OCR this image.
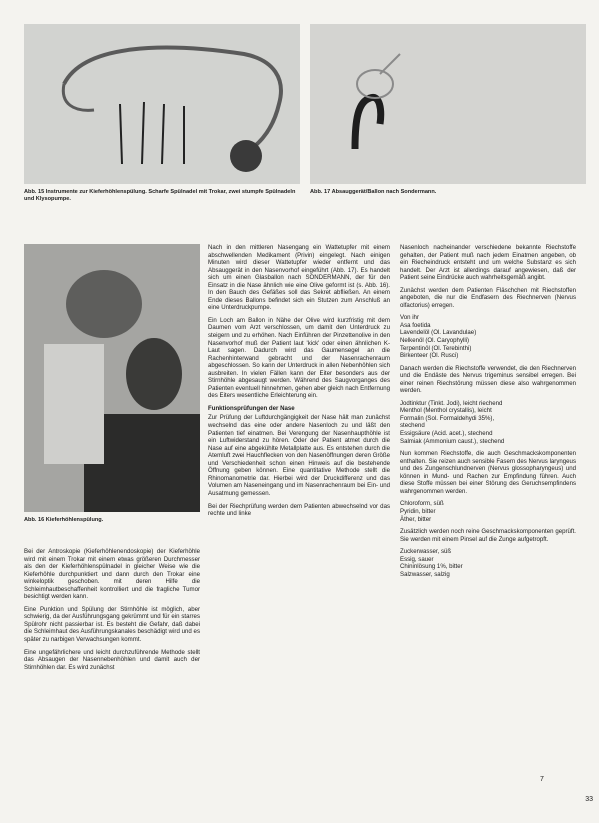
Abb. 15 Instrumente zur Kieferhöhlenspülung. Scharfe Spülnadel mit Trokar, zwei stumpfe Spülnadeln und Klysopumpe.
Abb. 17 Absauggerät/Ballon nach Sondermann.
Abb. 16 Kieferhöhlenspülung.

Bei der Antroskopie (Kieferhöhlenendoskopie) der Kieferhöhle wird mit einem Trokar mit einem etwas größeren Durchmesser als den der Kieferhöhlenspülnadel in gleicher Weise wie die Kieferhöhle durchpunktiert und dann durch den Trokar eine winkeloptik geschoben. mit deren Hilfe die Schleimhautbeschaffenheit kontrolliert und die fragliche Tumor besichtigt werden kann.

Eine Punktion und Spülung der Stirnhöhle ist möglich, aber schwierig, da der Ausführungsgang gekrümmt und für ein starres Spülrohr nicht passierbar ist. Es besteht die Gefahr, daß dabei die Schleimhaut des Ausführungskanales beschädigt wird und es später zu narbigen Verwachsungen kommt.

Eine ungefährlichere und leicht durchzuführende Methode stellt das Absaugen der Nasennebenhöhlen und damit auch der Stirnhöhlen dar. Es wird zunächst

Nach in den mittleren Nasengang ein Wattetupfer mit einem abschwellenden Medikament (Privin) eingelegt. Nach einigen Minuten wird dieser Wattetupfer wieder entfernt und das Absauggerät in den Nasenvorhof eingeführt (Abb. 17). Es handelt sich um einen Glasballon nach SONDERMANN, der für den Einsatz in die Nase ähnlich wie eine Olive geformt ist (s. Abb. 16). In den Bauch des Gefäßes soll das Sekret abfließen. An einem Ende dieses Ballons befindet sich ein Stutzen zum Anschluß an eine Unterdruckpumpe.

Ein Loch am Ballon in Nähe der Olive wird kurzfristig mit dem Daumen vom Arzt verschlossen, um damit den Unterdruck zu steigern und zu erhöhen. Nach Einführen der Pinzettenolive in den Nasenvorhof muß der Patient laut 'kick' oder einen ähnlichen K-Laut sagen. Dadurch wird das Gaumensegel an die Rachenhinterwand gebracht und der Nasenrachenraum abgeschlossen. So kann der Unterdruck in allen Nebenhöhlen sich ausbreiten. In vielen Fällen kann der Eiter besonders aus der Stirnhöhle abgesaugt werden. Während des Saugvorganges des Patienten eventuell hinnehmen, gehen aber gleich nach Entfernung des Eiters wesentliche Erleichterung ein.

Funktionsprüfungen der Nase

Zur Prüfung der Luftdurchgängigkeit der Nase hält man zunächst wechselnd das eine oder andere Nasenloch zu und läßt den Patienten tief einatmen. Bei Verengung der Nasenhaupthöhle ist ein Luftwiderstand zu hören. Oder der Patient atmet durch die Nase auf eine abgekühlte Metallplatte aus. Es entstehen durch die Atemluft zwei Hauchflecken von den Nasenöffnungen deren Größe und Verschiedenheit schon einen Hinweis auf die bestehende Öffnung geben können. Eine quantitative Methode stellt die Rhinomanometrie dar. Hierbei wird der Druckdifferenz und das Volumen am Naseneingang und im Nasenrachenraum bei Ein- und Ausatmung gemessen.

Bei der Riechprüfung werden dem Patienten abwechselnd vor das rechte und linke

Nasenloch nacheinander verschiedene bekannte Riechstoffe gehalten, der Patient muß nach jedem Einatmen angeben, ob ein Riecheindruck entsteht und um welche Substanz es sich handelt. Der Arzt ist allerdings darauf angewiesen, daß der Patient seine Eindrücke auch wahrheitsgemäß angibt.

Zunächst werden dem Patienten Fläschchen mit Riechstoffen angeboten, die nur die Endfasern des Riechnerven (Nervus olfactorius) erregen.

Von ihr
Asa foetida
Lavendelöl (Ol. Lavandulae)
Nelkenöl (Ol. Caryophylli)
Terpentinöl (Ol. Terebinthi)
Birkenteer (Ol. Rusci)

Danach werden die Riechstoffe verwendet, die den Riechnerven und die Endäste des Nervus trigeminus sensibel erregen. Bei einer reinen Riechstörung müssen diese also wahrgenommen werden.

Jodtinktur (Tinkt. Jodi), leicht riechend
Menthol (Menthol crystallis), leicht
Formalin (Sol. Formaldehydi 35%),
stechend
Essigsäure (Acid. acet.), stechend
Salmiak (Ammonium caust.), stechend

Nun kommen Riechstoffe, die auch Geschmackskomponenten enthalten. Sie reizen auch sensible Fasern des Nervus laryngeus und des Zungenschlundnerven (Nervus glossopharyngeus) und können in Mund- und Rachen zur Empfindung führen. Auch diese Stoffe müssen bei einer Störung des Geruchsempfindens wahrgenommen werden.

Chloroform, süß
Pyridin, bitter
Äther, bitter

Zusätzlich werden noch reine Geschmackskomponenten geprüft. Sie werden mit einem Pinsel auf die Zunge aufgetropft.

Zuckerwasser, süß
Essig, sauer
Chininlösung 1%, bitter
Salzwasser, salzig
7
33
